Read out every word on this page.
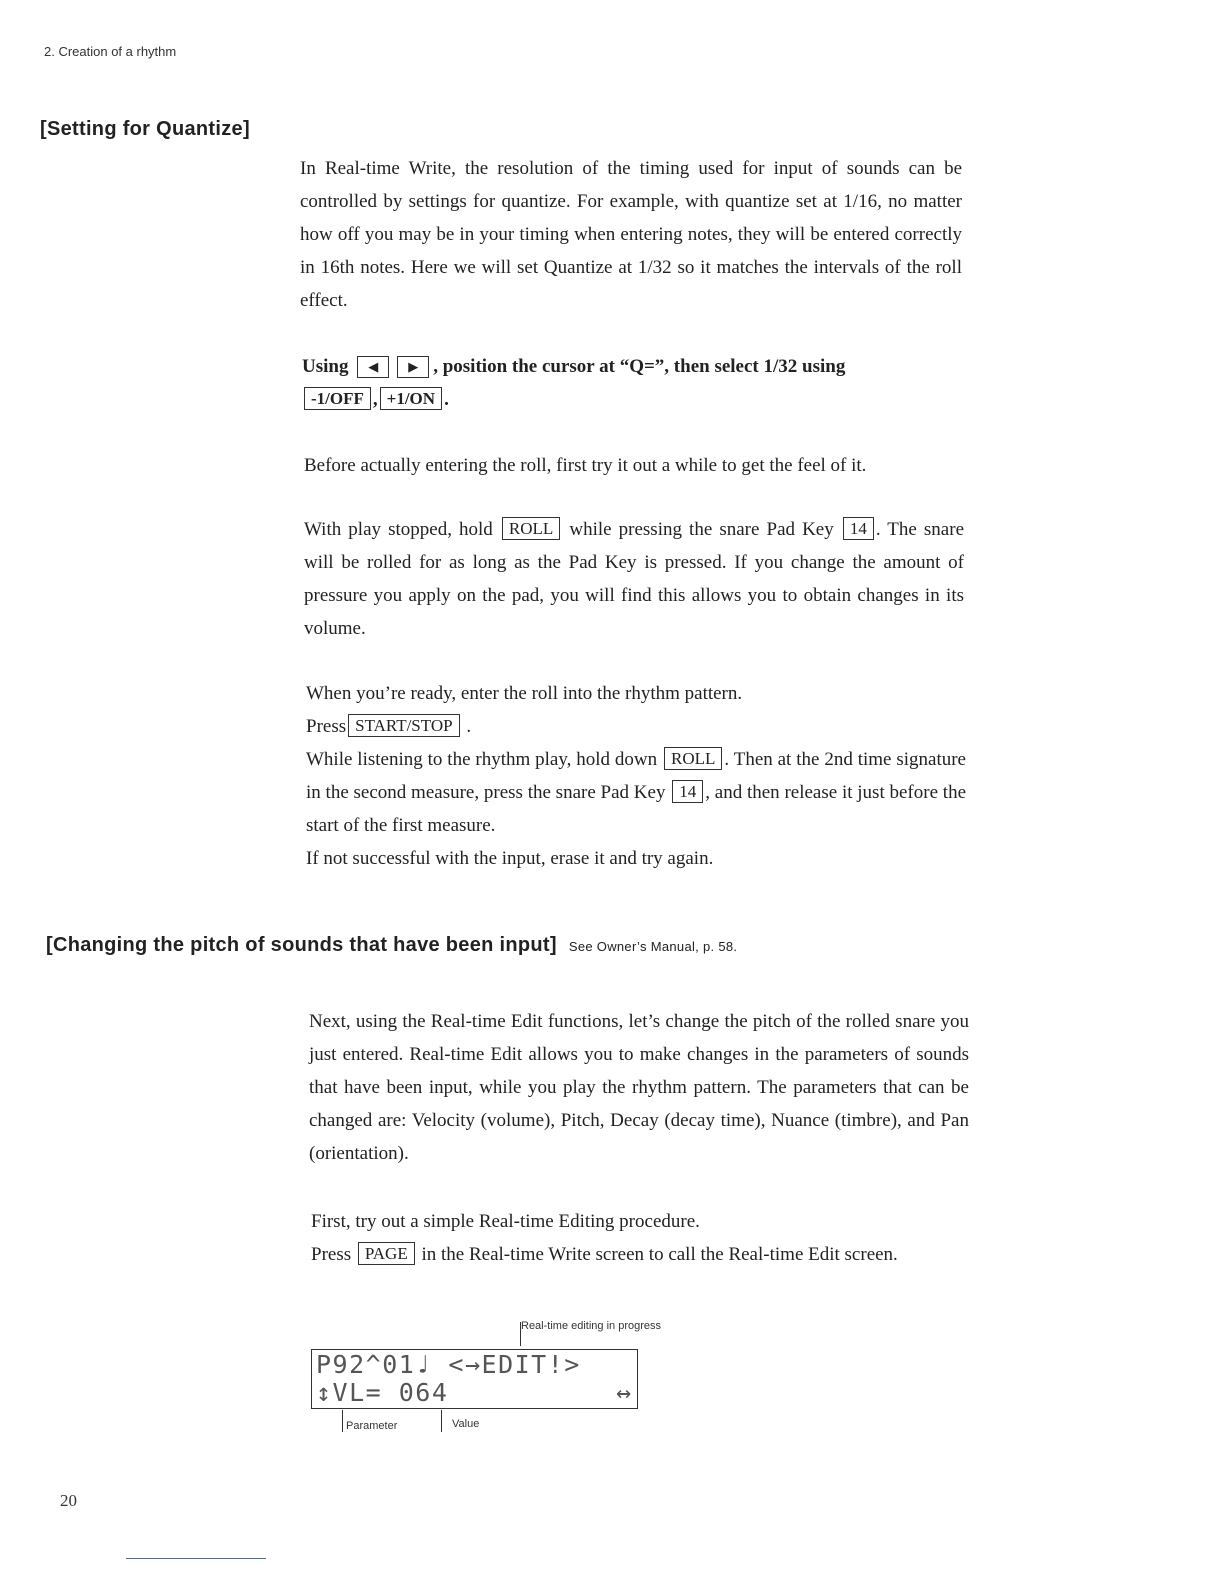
2. Creation of a rhythm
[Setting for Quantize]

In Real-time Write, the resolution of the timing used for input of sounds can be controlled by settings for quantize. For example, with quantize set at 1/16, no matter how off you may be in your timing when entering notes, they will be entered correctly in 16th notes. Here we will set Quantize at 1/32 so it matches the intervals of the roll effect.

Using ◀ ▶ , position the cursor at “Q=”, then select 1/32 using
-1/OFF , +1/ON .
Before actually entering the roll, first try it out a while to get the feel of it.
With play stopped, hold ROLL while pressing the snare Pad Key 14 . The snare will be rolled for as long as the Pad Key is pressed. If you change the amount of pressure you apply on the pad, you will find this allows you to obtain changes in its volume.
When you’re ready, enter the roll into the rhythm pattern.
Press START/STOP .
While listening to the rhythm play, hold down ROLL . Then at the 2nd time signature in the second measure, press the snare Pad Key 14 , and then release it just before the start of the first measure.
If not successful with the input, erase it and try again.
[Changing the pitch of sounds that have been input] See Owner’s Manual, p. 58.
Next, using the Real-time Edit functions, let’s change the pitch of the rolled snare you just entered. Real-time Edit allows you to make changes in the parameters of sounds that have been input, while you play the rhythm pattern. The parameters that can be changed are: Velocity (volume), Pitch, Decay (decay time), Nuance (timbre), and Pan (orientation).
First, try out a simple Real-time Editing procedure.
Press PAGE in the Real-time Write screen to call the Real-time Edit screen.
Real-time editing in progress
P92^01♩ <→EDIT!>
↕VL= 064	↔
Parameter	Value
20
